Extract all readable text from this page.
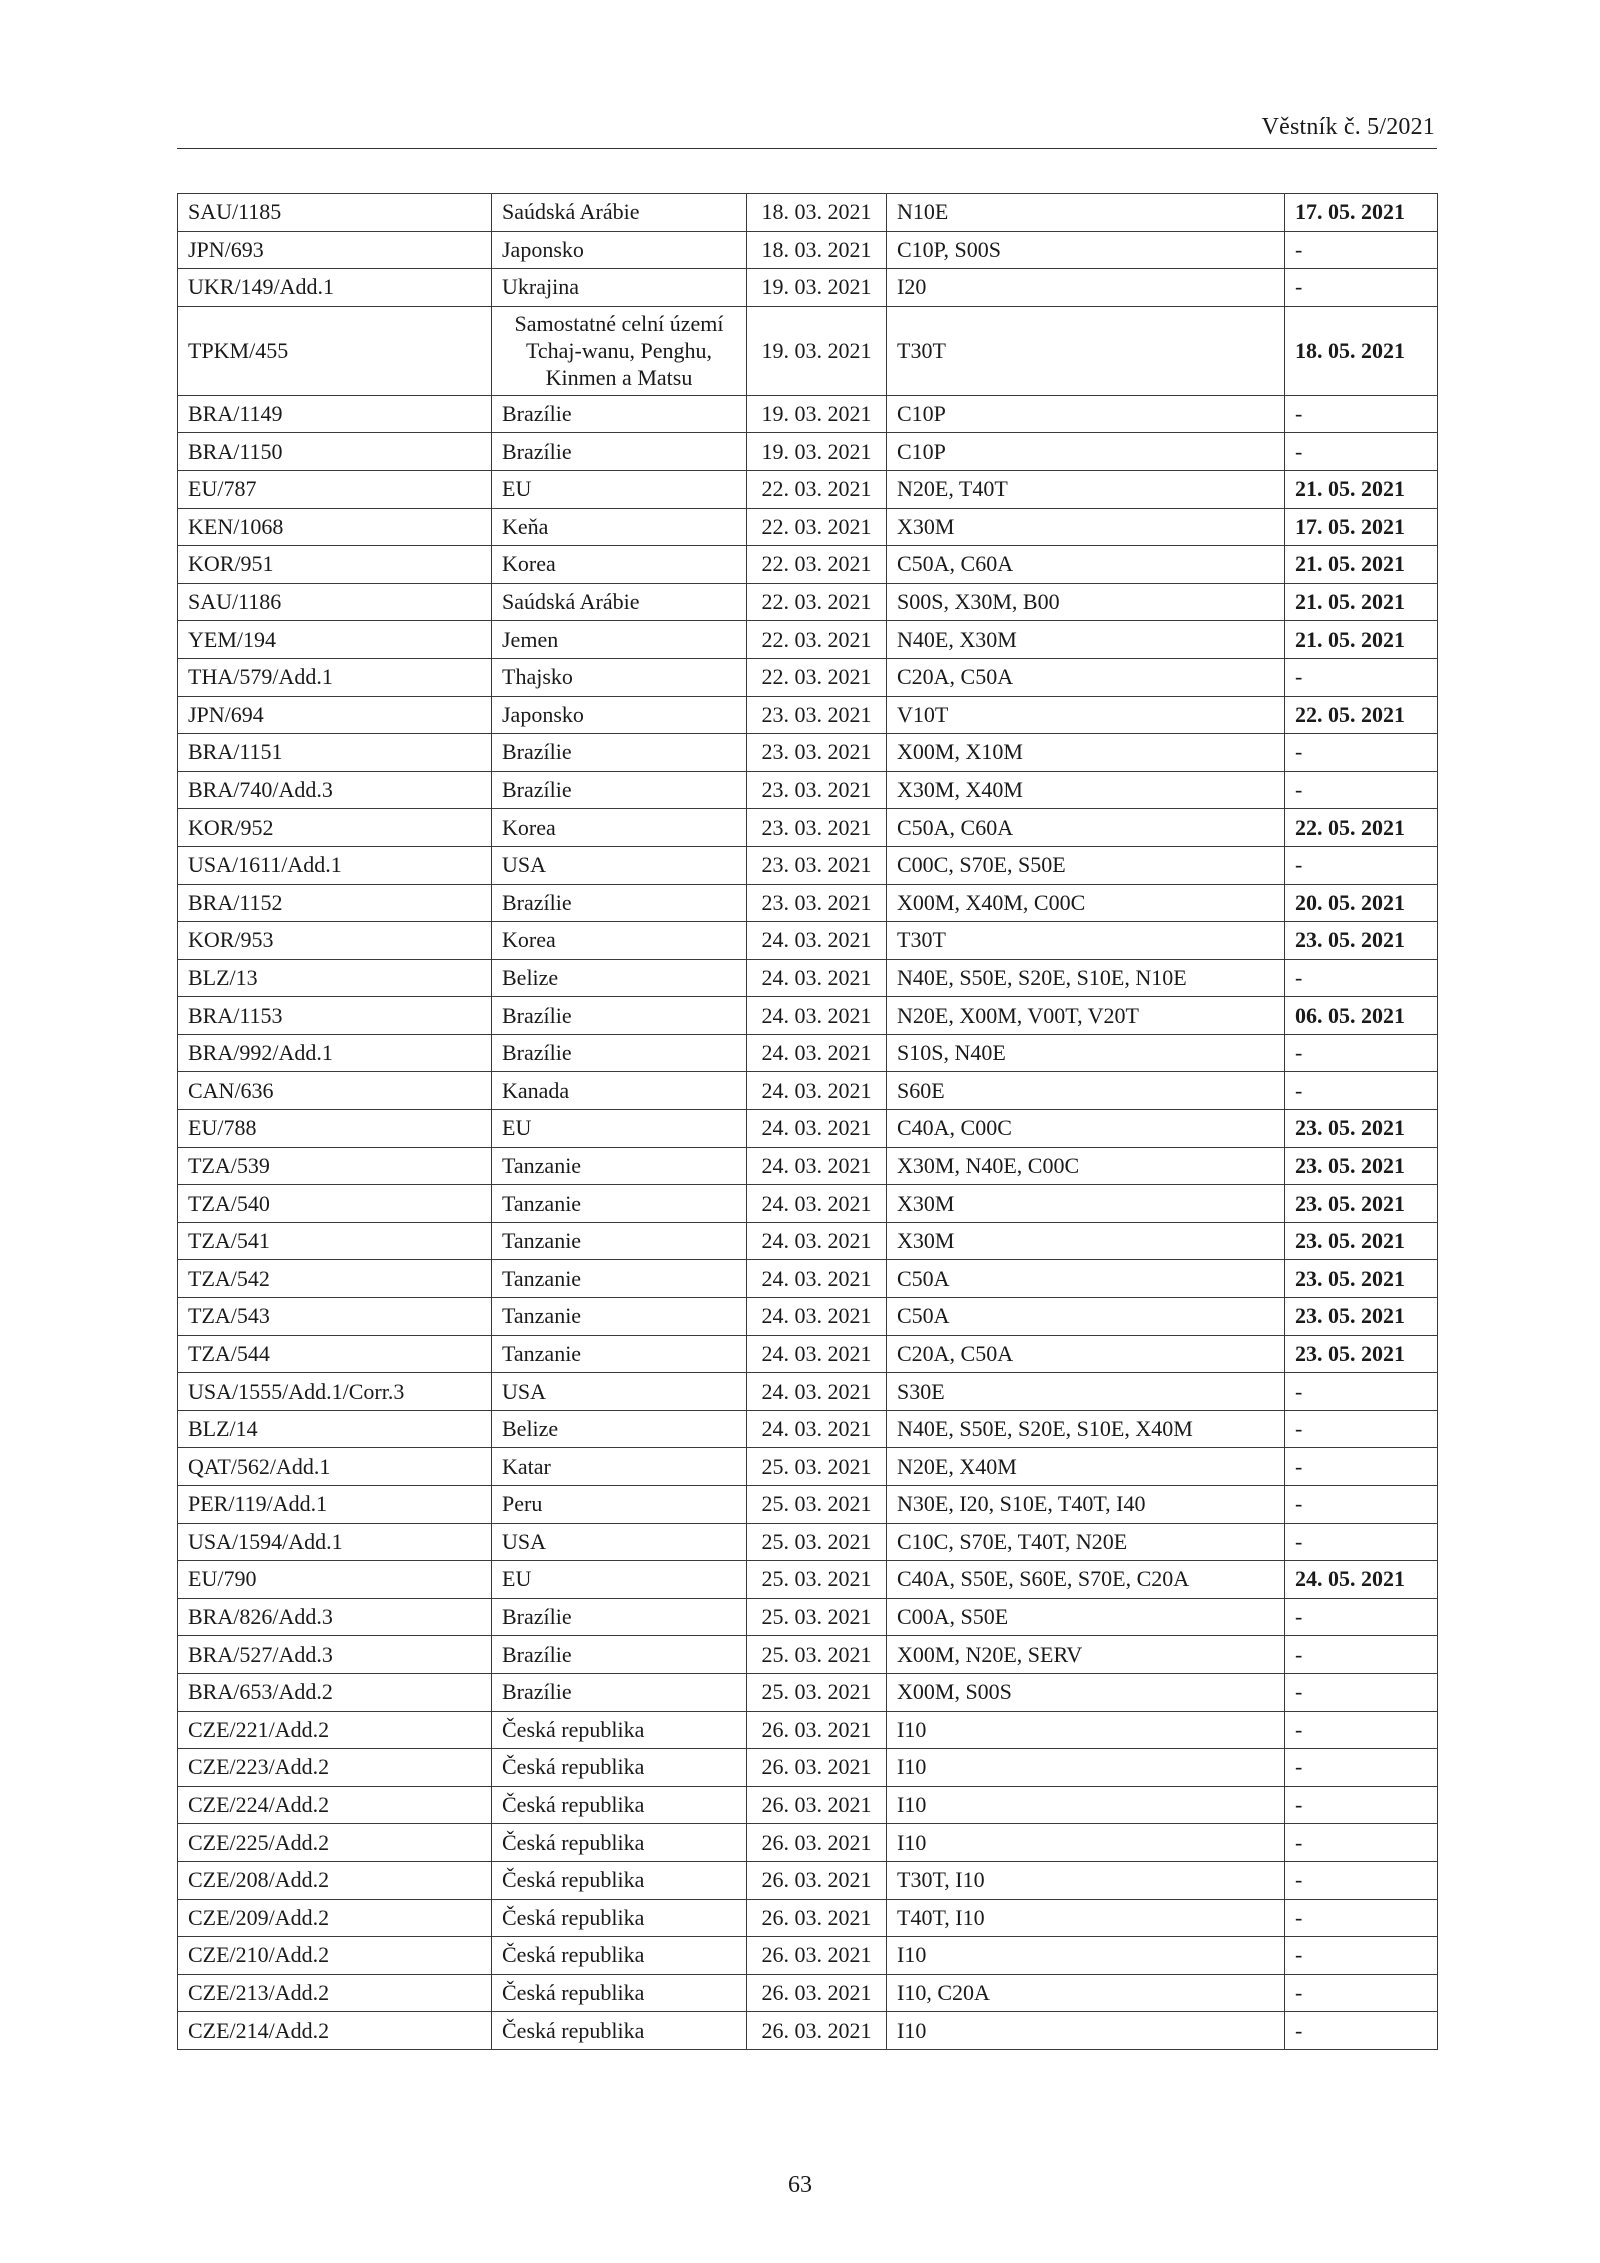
Věstník č. 5/2021
SAU/1185	Saúdská Arábie	18. 03. 2021	N10E	17. 05. 2021
JPN/693	Japonsko	18. 03. 2021	C10P, S00S	-
UKR/149/Add.1	Ukrajina	19. 03. 2021	I20	-
TPKM/455	Samostatné celní území Tchaj-wanu, Penghu, Kinmen a Matsu	19. 03. 2021	T30T	18. 05. 2021
BRA/1149	Brazílie	19. 03. 2021	C10P	-
BRA/1150	Brazílie	19. 03. 2021	C10P	-
EU/787	EU	22. 03. 2021	N20E, T40T	21. 05. 2021
KEN/1068	Keňa	22. 03. 2021	X30M	17. 05. 2021
KOR/951	Korea	22. 03. 2021	C50A, C60A	21. 05. 2021
SAU/1186	Saúdská Arábie	22. 03. 2021	S00S, X30M, B00	21. 05. 2021
YEM/194	Jemen	22. 03. 2021	N40E, X30M	21. 05. 2021
THA/579/Add.1	Thajsko	22. 03. 2021	C20A, C50A	-
JPN/694	Japonsko	23. 03. 2021	V10T	22. 05. 2021
BRA/1151	Brazílie	23. 03. 2021	X00M, X10M	-
BRA/740/Add.3	Brazílie	23. 03. 2021	X30M, X40M	-
KOR/952	Korea	23. 03. 2021	C50A, C60A	22. 05. 2021
USA/1611/Add.1	USA	23. 03. 2021	C00C, S70E, S50E	-
BRA/1152	Brazílie	23. 03. 2021	X00M, X40M, C00C	20. 05. 2021
KOR/953	Korea	24. 03. 2021	T30T	23. 05. 2021
BLZ/13	Belize	24. 03. 2021	N40E, S50E, S20E, S10E, N10E	-
BRA/1153	Brazílie	24. 03. 2021	N20E, X00M, V00T, V20T	06. 05. 2021
BRA/992/Add.1	Brazílie	24. 03. 2021	S10S, N40E	-
CAN/636	Kanada	24. 03. 2021	S60E	-
EU/788	EU	24. 03. 2021	C40A, C00C	23. 05. 2021
TZA/539	Tanzanie	24. 03. 2021	X30M, N40E, C00C	23. 05. 2021
TZA/540	Tanzanie	24. 03. 2021	X30M	23. 05. 2021
TZA/541	Tanzanie	24. 03. 2021	X30M	23. 05. 2021
TZA/542	Tanzanie	24. 03. 2021	C50A	23. 05. 2021
TZA/543	Tanzanie	24. 03. 2021	C50A	23. 05. 2021
TZA/544	Tanzanie	24. 03. 2021	C20A, C50A	23. 05. 2021
USA/1555/Add.1/Corr.3	USA	24. 03. 2021	S30E	-
BLZ/14	Belize	24. 03. 2021	N40E, S50E, S20E, S10E, X40M	-
QAT/562/Add.1	Katar	25. 03. 2021	N20E, X40M	-
PER/119/Add.1	Peru	25. 03. 2021	N30E, I20, S10E, T40T, I40	-
USA/1594/Add.1	USA	25. 03. 2021	C10C, S70E, T40T, N20E	-
EU/790	EU	25. 03. 2021	C40A, S50E, S60E, S70E, C20A	24. 05. 2021
BRA/826/Add.3	Brazílie	25. 03. 2021	C00A, S50E	-
BRA/527/Add.3	Brazílie	25. 03. 2021	X00M, N20E, SERV	-
BRA/653/Add.2	Brazílie	25. 03. 2021	X00M, S00S	-
CZE/221/Add.2	Česká republika	26. 03. 2021	I10	-
CZE/223/Add.2	Česká republika	26. 03. 2021	I10	-
CZE/224/Add.2	Česká republika	26. 03. 2021	I10	-
CZE/225/Add.2	Česká republika	26. 03. 2021	I10	-
CZE/208/Add.2	Česká republika	26. 03. 2021	T30T, I10	-
CZE/209/Add.2	Česká republika	26. 03. 2021	T40T, I10	-
CZE/210/Add.2	Česká republika	26. 03. 2021	I10	-
CZE/213/Add.2	Česká republika	26. 03. 2021	I10, C20A	-
CZE/214/Add.2	Česká republika	26. 03. 2021	I10	-
63
